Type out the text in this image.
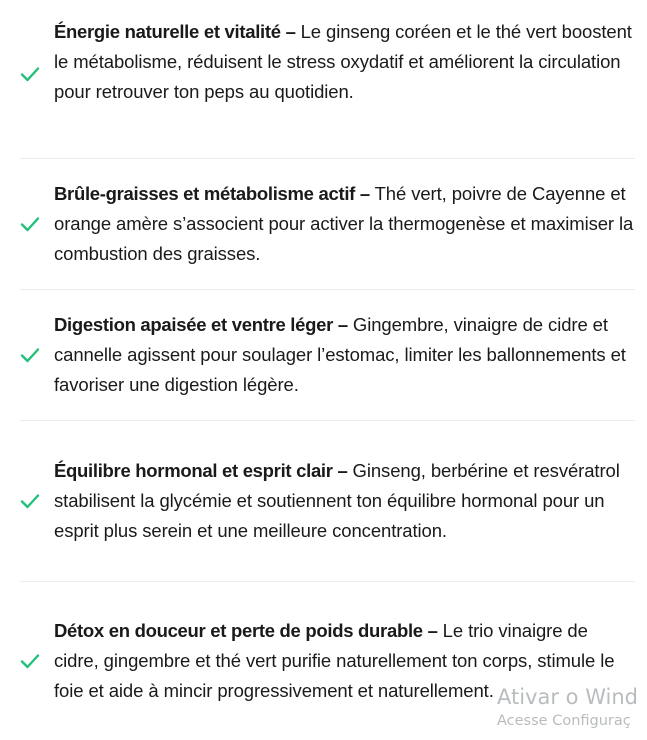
Énergie naturelle et vitalité – Le ginseng coréen et le thé vert boostent le métabolisme, réduisent le stress oxydatif et améliorent la circulation pour retrouver ton peps au quotidien.

Brûle-graisses et métabolisme actif – Thé vert, poivre de Cayenne et orange amère s’associent pour activer la thermogenèse et maximiser la combustion des graisses.

Digestion apaisée et ventre léger – Gingembre, vinaigre de cidre et cannelle agissent pour soulager l’estomac, limiter les ballonnements et favoriser une digestion légère.

Équilibre hormonal et esprit clair – Ginseng, berbérine et resvératrol stabilisent la glycémie et soutiennent ton équilibre hormonal pour un esprit plus serein et une meilleure concentration.

Détox en douceur et perte de poids durable – Le trio vinaigre de cidre, gingembre et thé vert purifie naturellement ton corps, stimule le foie et aide à mincir progressivement et naturellement. Ativar o Wind
Acesse Configuraç
